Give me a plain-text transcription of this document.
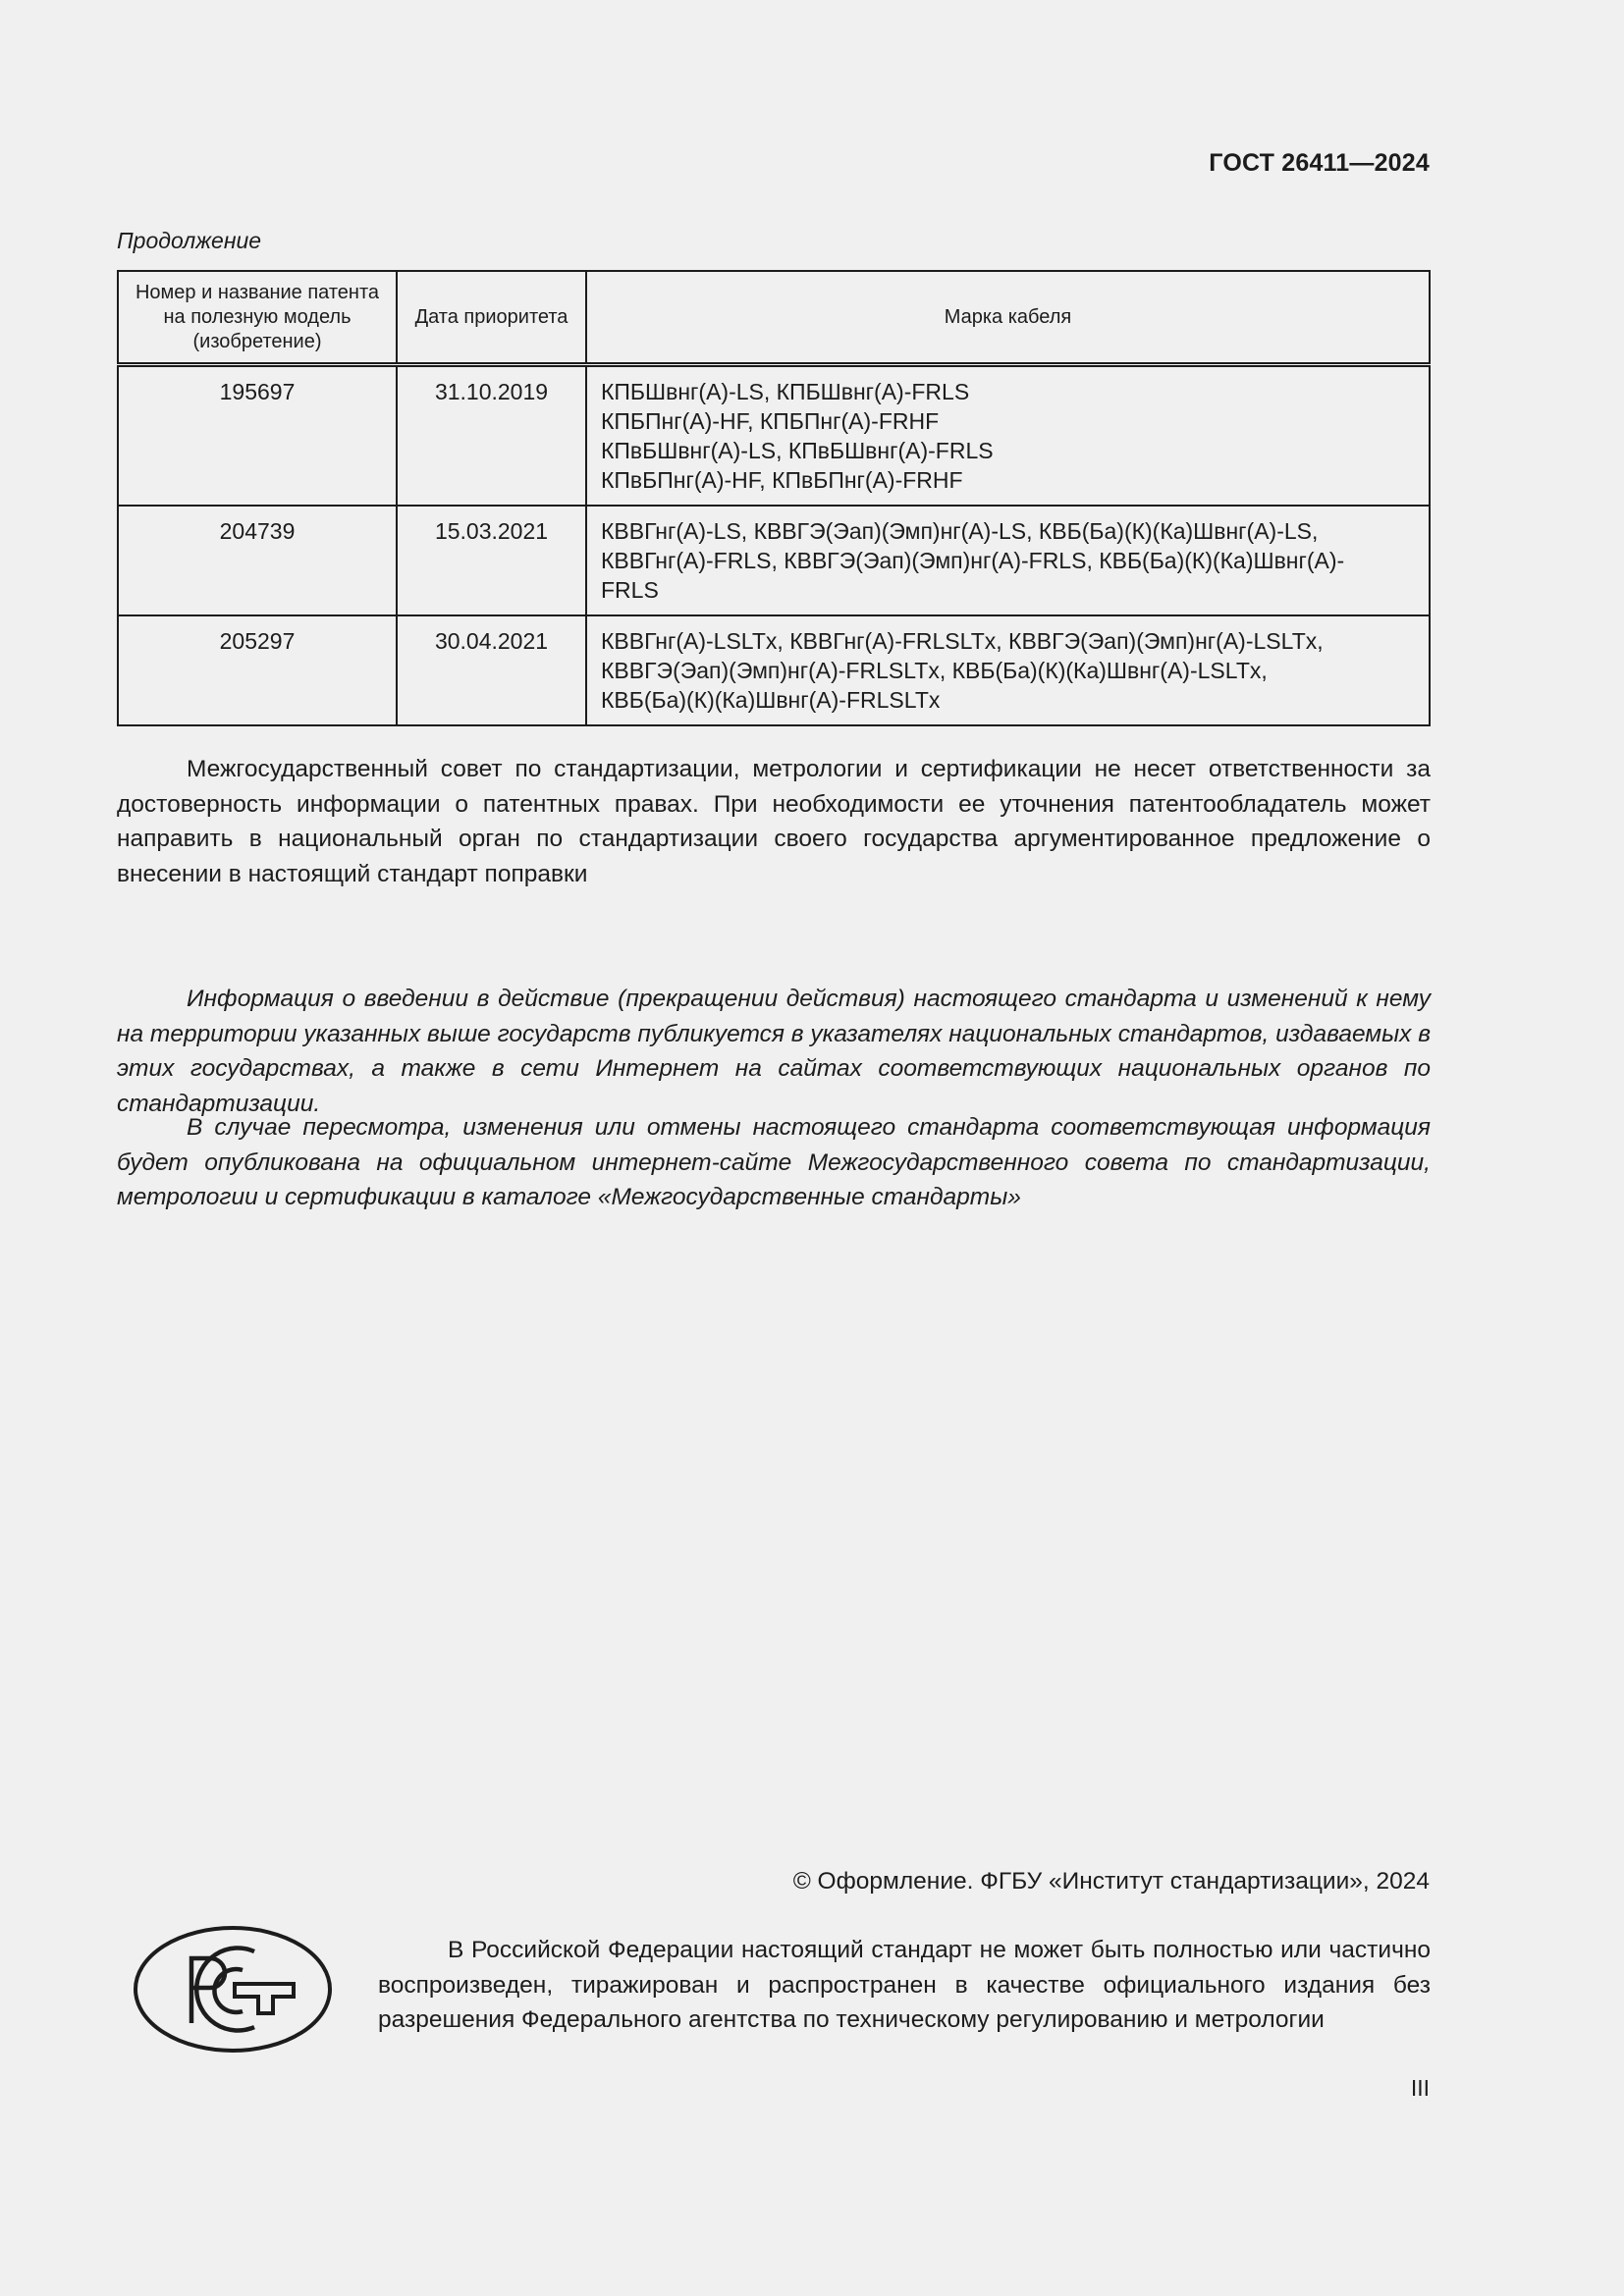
ГОСТ 26411—2024
Продолжение
Номер и название патента на полезную модель (изобретение)	Дата приоритета	Марка кабеля
195697	31.10.2019	КПБШвнг(А)-LS, КПБШвнг(А)-FRLS
КПБПнг(А)-HF, КПБПнг(А)-FRHF
КПвБШвнг(А)-LS, КПвБШвнг(А)-FRLS
КПвБПнг(А)-HF, КПвБПнг(А)-FRHF

204739	15.03.2021	КВВГнг(А)-LS, КВВГЭ(Эап)(Эмп)нг(А)-LS, КВБ(Ба)(К)(Ка)Швнг(А)-LS,
КВВГнг(А)-FRLS, КВВГЭ(Эап)(Эмп)нг(А)-FRLS, КВБ(Ба)(К)(Ка)Швнг(А)-
FRLS

205297	30.04.2021	КВВГнг(А)-LSLTx, КВВГнг(А)-FRLSLTx, КВВГЭ(Эап)(Эмп)нг(А)-LSLTx,
КВВГЭ(Эап)(Эмп)нг(А)-FRLSLTx, КВБ(Ба)(К)(Ка)Швнг(А)-LSLTx,
КВБ(Ба)(К)(Ка)Швнг(А)-FRLSLTx

Межгосударственный совет по стандартизации, метрологии и сертификации не несет ответственности за достоверность информации о патентных правах. При необходимости ее уточнения патентообладатель может направить в национальный орган по стандартизации своего государства аргументированное предложение о внесении в настоящий стандарт поправки

Информация о введении в действие (прекращении действия) настоящего стандарта и изменений к нему на территории указанных выше государств публикуется в указателях национальных стандартов, издаваемых в этих государствах, а также в сети Интернет на сайтах соответствующих национальных органов по стандартизации.

В случае пересмотра, изменения или отмены настоящего стандарта соответствующая информация будет опубликована на официальном интернет-сайте Межгосударственного совета по стандартизации, метрологии и сертификации в каталоге «Межгосударственные стандарты»

© Оформление. ФГБУ «Институт стандартизации», 2024

В Российской Федерации настоящий стандарт не может быть полностью или частично воспроизведен, тиражирован и распространен в качестве официального издания без разрешения Федерального агентства по техническому регулированию и метрологии

III
